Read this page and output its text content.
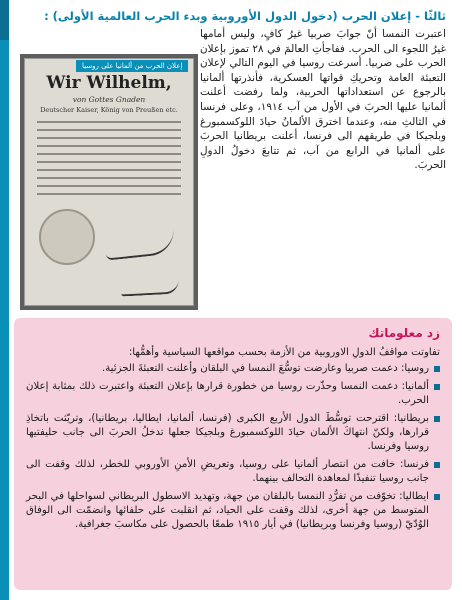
ثالثًا - إعلان الحرب (دخول الدول الأوروبية وبدء الحرب العالمية الأولى) :

اعتبرت النمسا أنّ جوابَ صربيا غيرُ كافٍ، وليس أمامها غيرُ اللجوء الى الحرب. ففاجأتِ العالمَ في ٢٨ تموز بإعلان الحرب على صربيا. أسرعت روسيا في اليوم التالي لإعلان التعبئة العامة وتحريكِ قواتها العسكرية، فأنذرتها ألمانيا بالرجوع عن استعداداتها الحربية، ولما رفضت أعلنت ألمانيا عليها الحربَ في الأول من آب ١٩١٤، وعلى فرنسا في الثالثِ منه، وعندما اخترق الألمانُ حيادَ اللوكسمبورغ وبلجيكا في طريقهم الى فرنسا، أعلنت بريطانيا الحربَ على ألمانيا في الرابع من آب، ثم تتابعَ دخولُ الدولِ الحربَ.

Wir Wilhelm,
von Gottes Gnaden
Deutscher Kaiser, König von Preußen etc.
إعلان الحرب من ألمانيا على روسيا
زد معلوماتك
تفاوتت مواقفُ الدولِ الاوروبية من الأزمة بحسب مواقعها السياسية وأهمُّها:
روسيا: دعمت صربيا وعارضت توسُّعَ النمسا في البلقان وأعلنت التعبئةَ الجزئية.
ألمانيا: دعمت النمسا وحذّرت روسيا من خطورة قرارها بإعلان التعبئة واعتبرت ذلك بمثابة إعلان الحرب.
بريطانيا: اقترحت توسُّطَ الدول الأربع الكبرى (فرنسا، ألمانيا، ايطاليا، بريطانيا)، وتريّثت باتخاذِ قرارها، ولكنّ انتهاكَ الألمان حيادَ اللوكسمبورغ وبلجيكا جعلها تدخلُ الحربَ الى جانب حليفتيها روسيا وفرنسا.
فرنسا: خافت من انتصار ألمانيا على روسيا، وتعريضِ الأمنِ الأوروبي للخطر، لذلك وقفت الى جانب روسيا تنفيذًا لمعاهدة التحالف بينهما.
ايطاليا: تخوّفت من تفرُّدِ النمسا بالبلقان من جهة، وتهديد الاسطول البريطاني لسواحلها في البحر المتوسط من جهة أخرى، لذلك وقفت على الحياد، ثم انقلبت على حلفائها وانضمّت الى الوفاق الوُدّيّ (روسيا وفرنسا وبريطانيا) في أيار ١٩١٥ طمعًا بالحصول على مكاسبَ جغرافية.
